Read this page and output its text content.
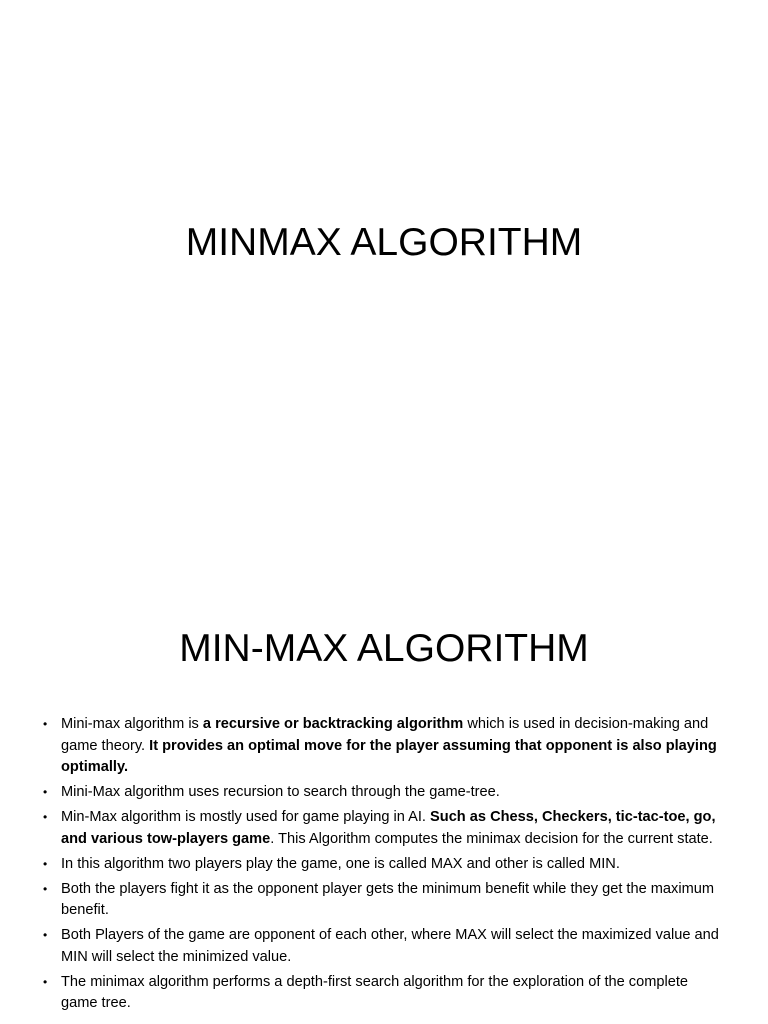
MINMAX ALGORITHM
MIN-MAX ALGORITHM
• Mini-max algorithm is a recursive or backtracking algorithm which is used in decision-making and game theory. It provides an optimal move for the player assuming that opponent is also playing optimally.
• Mini-Max algorithm uses recursion to search through the game-tree.
• Min-Max algorithm is mostly used for game playing in AI. Such as Chess, Checkers, tic-tac-toe, go, and various tow-players game. This Algorithm computes the minimax decision for the current state.
• In this algorithm two players play the game, one is called MAX and other is called MIN.
• Both the players fight it as the opponent player gets the minimum benefit while they get the maximum benefit.
• Both Players of the game are opponent of each other, where MAX will select the maximized value and MIN will select the minimized value.
• The minimax algorithm performs a depth-first search algorithm for the exploration of the complete game tree.
